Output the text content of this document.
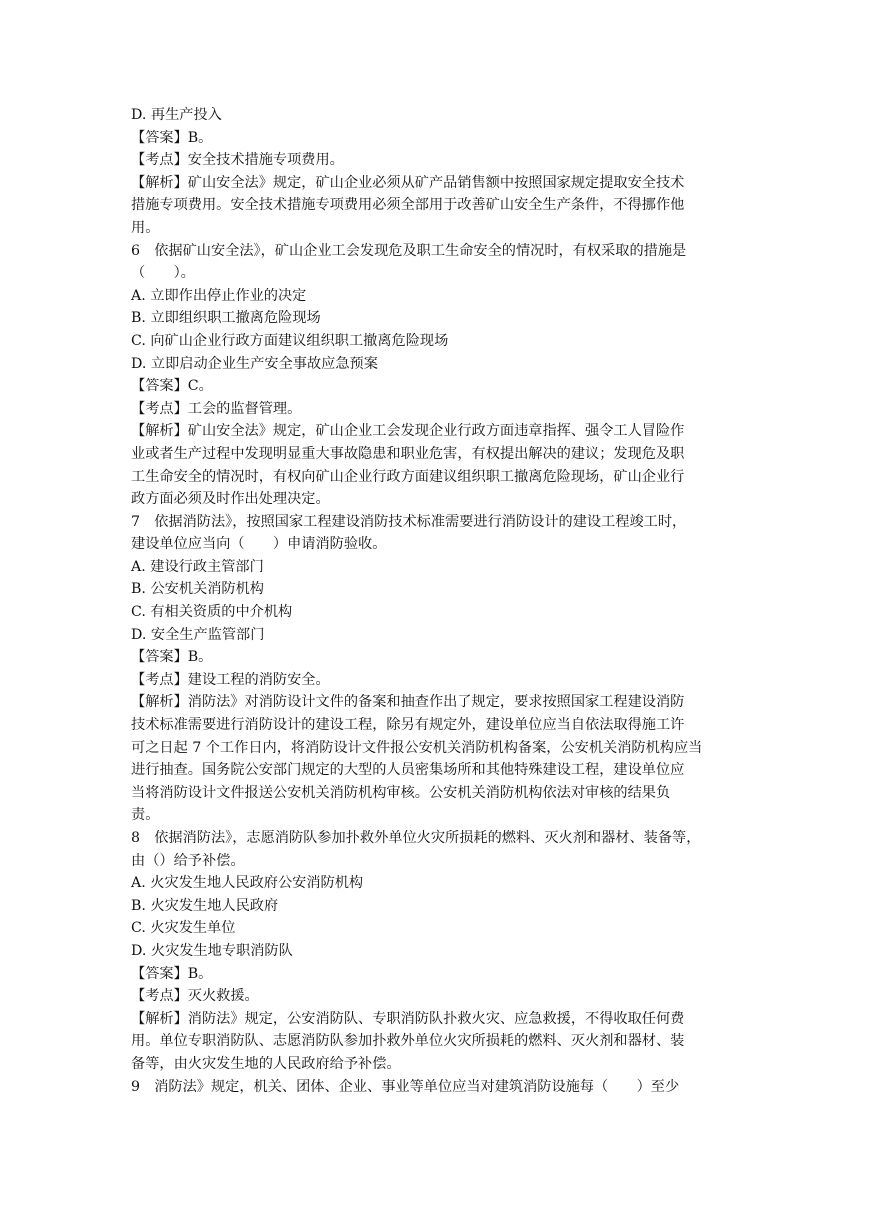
D. 再生产投入
【答案】B。
【考点】安全技术措施专项费用。
【解析】矿山安全法》规定，矿山企业必须从矿产品销售额中按照国家规定提取安全技术
措施专项费用。安全技术措施专项费用必须全部用于改善矿山安全生产条件，不得挪作他
用。
6　依据矿山安全法》，矿山企业工会发现危及职工生命安全的情况时，有权采取的措施是
（　　）。
A. 立即作出停止作业的决定
B. 立即组织职工撤离危险现场
C. 向矿山企业行政方面建议组织职工撤离危险现场
D. 立即启动企业生产安全事故应急预案
【答案】C。
【考点】工会的监督管理。
【解析】矿山安全法》规定，矿山企业工会发现企业行政方面违章指挥、强令工人冒险作
业或者生产过程中发现明显重大事故隐患和职业危害，有权提出解决的建议；发现危及职
工生命安全的情况时，有权向矿山企业行政方面建议组织职工撤离危险现场，矿山企业行
政方面必须及时作出处理决定。
7　依据消防法》，按照国家工程建设消防技术标准需要进行消防设计的建设工程竣工时，
建设单位应当向（　　）申请消防验收。
A. 建设行政主管部门
B. 公安机关消防机构
C. 有相关资质的中介机构
D. 安全生产监管部门
【答案】B。
【考点】建设工程的消防安全。
【解析】消防法》对消防设计文件的备案和抽查作出了规定，要求按照国家工程建设消防
技术标准需要进行消防设计的建设工程，除另有规定外，建设单位应当自依法取得施工许
可之日起 7 个工作日内，将消防设计文件报公安机关消防机构备案，公安机关消防机构应当
进行抽查。国务院公安部门规定的大型的人员密集场所和其他特殊建设工程，建设单位应
当将消防设计文件报送公安机关消防机构审核。公安机关消防机构依法对审核的结果负
责。
8　依据消防法》，志愿消防队参加扑救外单位火灾所损耗的燃料、灭火剂和器材、装备等，
由（）给予补偿。
A. 火灾发生地人民政府公安消防机构
B. 火灾发生地人民政府
C. 火灾发生单位
D. 火灾发生地专职消防队
【答案】B。
【考点】灭火救援。
【解析】消防法》规定，公安消防队、专职消防队扑救火灾、应急救援，不得收取任何费
用。单位专职消防队、志愿消防队参加扑救外单位火灾所损耗的燃料、灭火剂和器材、装
备等，由火灾发生地的人民政府给予补偿。
9　消防法》规定，机关、团体、企业、事业等单位应当对建筑消防设施每（　　）至少
